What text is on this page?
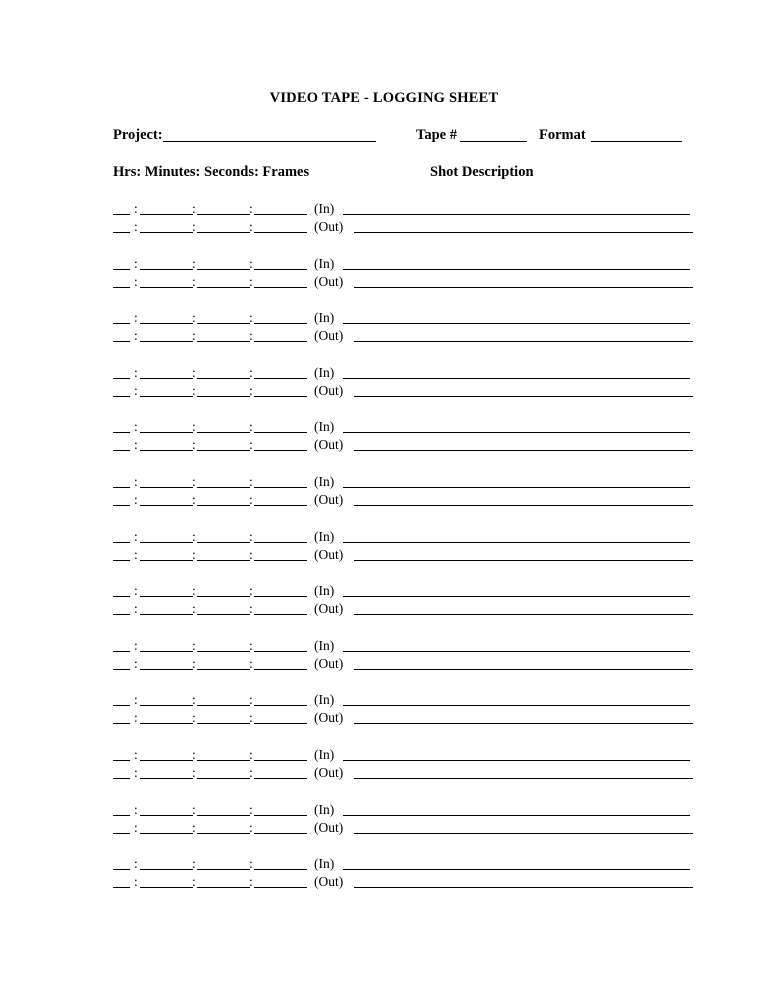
VIDEO TAPE - LOGGING SHEET
Project:	Tape #	Format
Hrs: Minutes: Seconds: Frames	Shot Description
:	:	:	(In)
:	:	:	(Out)
:	:	:	(In)
:	:	:	(Out)
:	:	:	(In)
:	:	:	(Out)
:	:	:	(In)
:	:	:	(Out)
:	:	:	(In)
:	:	:	(Out)
:	:	:	(In)
:	:	:	(Out)
:	:	:	(In)
:	:	:	(Out)
:	:	:	(In)
:	:	:	(Out)
:	:	:	(In)
:	:	:	(Out)
:	:	:	(In)
:	:	:	(Out)
:	:	:	(In)
:	:	:	(Out)
:	:	:	(In)
:	:	:	(Out)
:	:	:	(In)
:	:	:	(Out)
